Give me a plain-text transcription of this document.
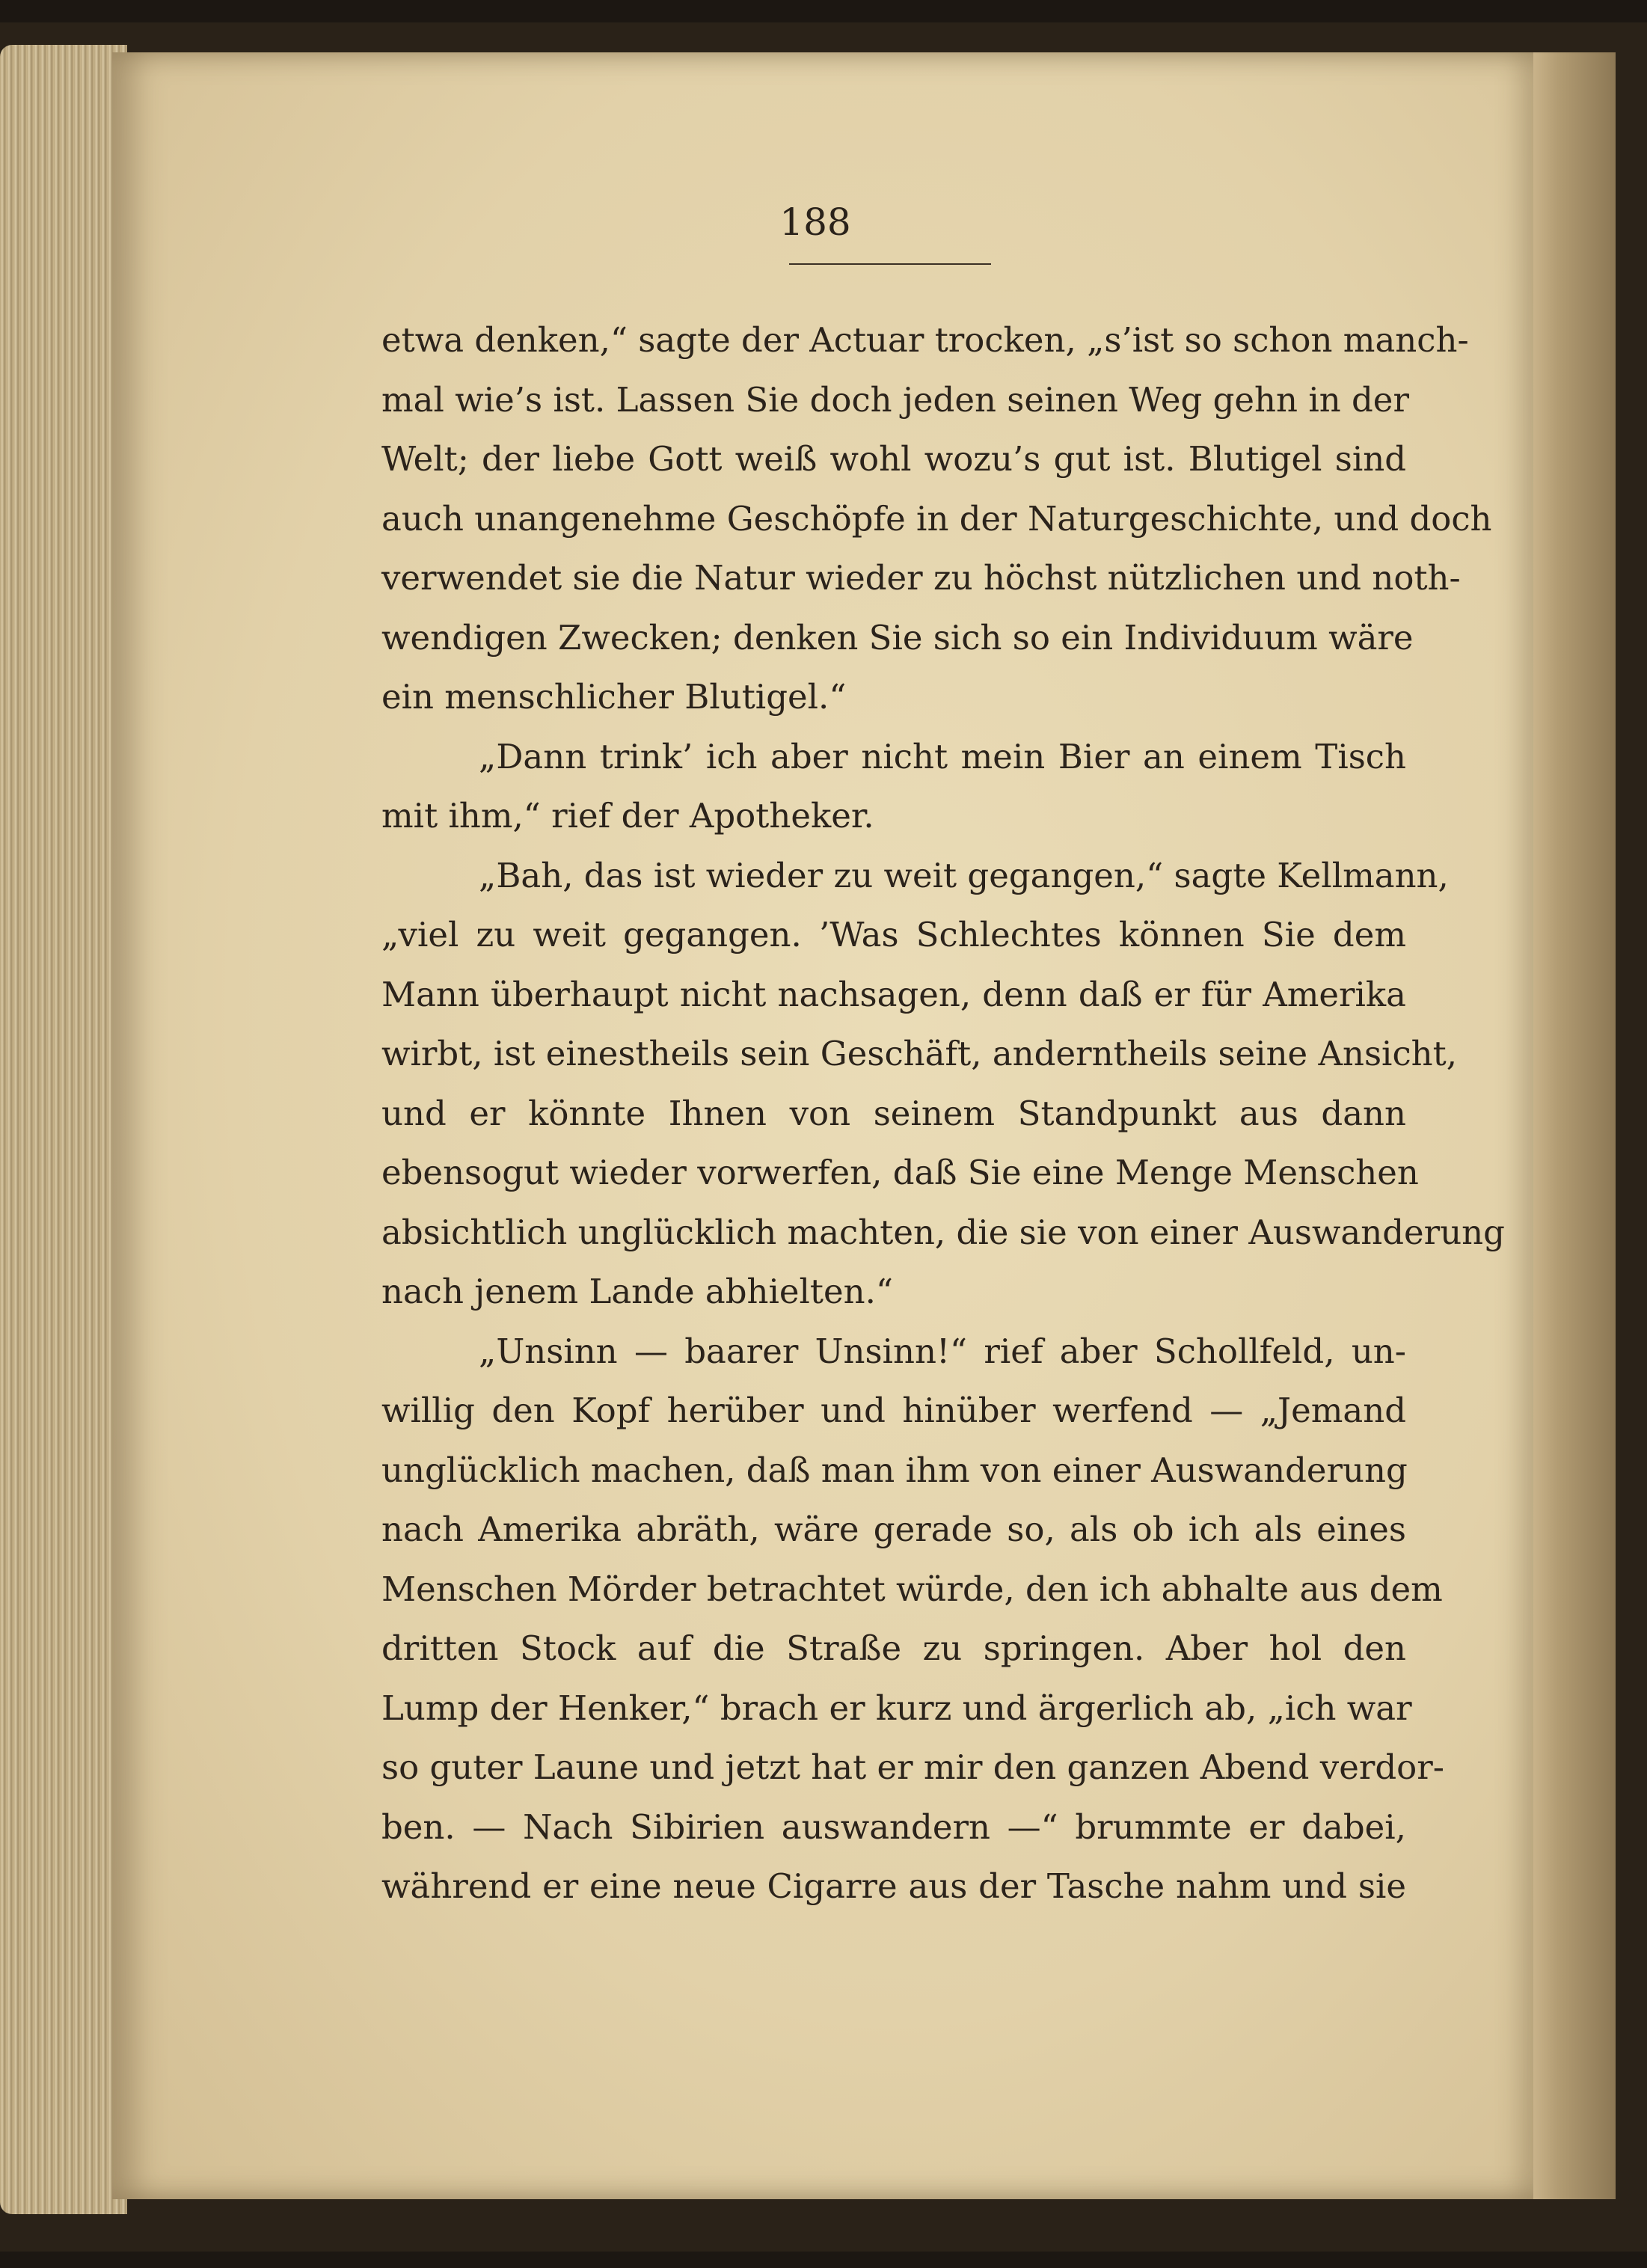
188
etwa denken,“ sagte der Actuar trocken, „s’ist so schon manch-
mal wie’s ist. Lassen Sie doch jeden seinen Weg gehn in der
Welt; der liebe Gott weiß wohl wozu’s gut ist. Blutigel sind
auch unangenehme Geschöpfe in der Naturgeschichte, und doch
verwendet sie die Natur wieder zu höchst nützlichen und noth-
wendigen Zwecken; denken Sie sich so ein Individuum wäre
ein menschlicher Blutigel.“
„Dann trink’ ich aber nicht mein Bier an einem Tisch
mit ihm,“ rief der Apotheker.
„Bah, das ist wieder zu weit gegangen,“ sagte Kellmann,
„viel zu weit gegangen. ’Was Schlechtes können Sie dem
Mann überhaupt nicht nachsagen, denn daß er für Amerika
wirbt, ist einestheils sein Geschäft, anderntheils seine Ansicht,
und er könnte Ihnen von seinem Standpunkt aus dann
ebensogut wieder vorwerfen, daß Sie eine Menge Menschen
absichtlich unglücklich machten, die sie von einer Auswanderung
nach jenem Lande abhielten.“
„Unsinn — baarer Unsinn!“ rief aber Schollfeld, un-
willig den Kopf herüber und hinüber werfend — „Jemand
unglücklich machen, daß man ihm von einer Auswanderung
nach Amerika abräth, wäre gerade so, als ob ich als eines
Menschen Mörder betrachtet würde, den ich abhalte aus dem
dritten Stock auf die Straße zu springen. Aber hol den
Lump der Henker,“ brach er kurz und ärgerlich ab, „ich war
so guter Laune und jetzt hat er mir den ganzen Abend verdor-
ben. — Nach Sibirien auswandern —“ brummte er dabei,
während er eine neue Cigarre aus der Tasche nahm und sie
